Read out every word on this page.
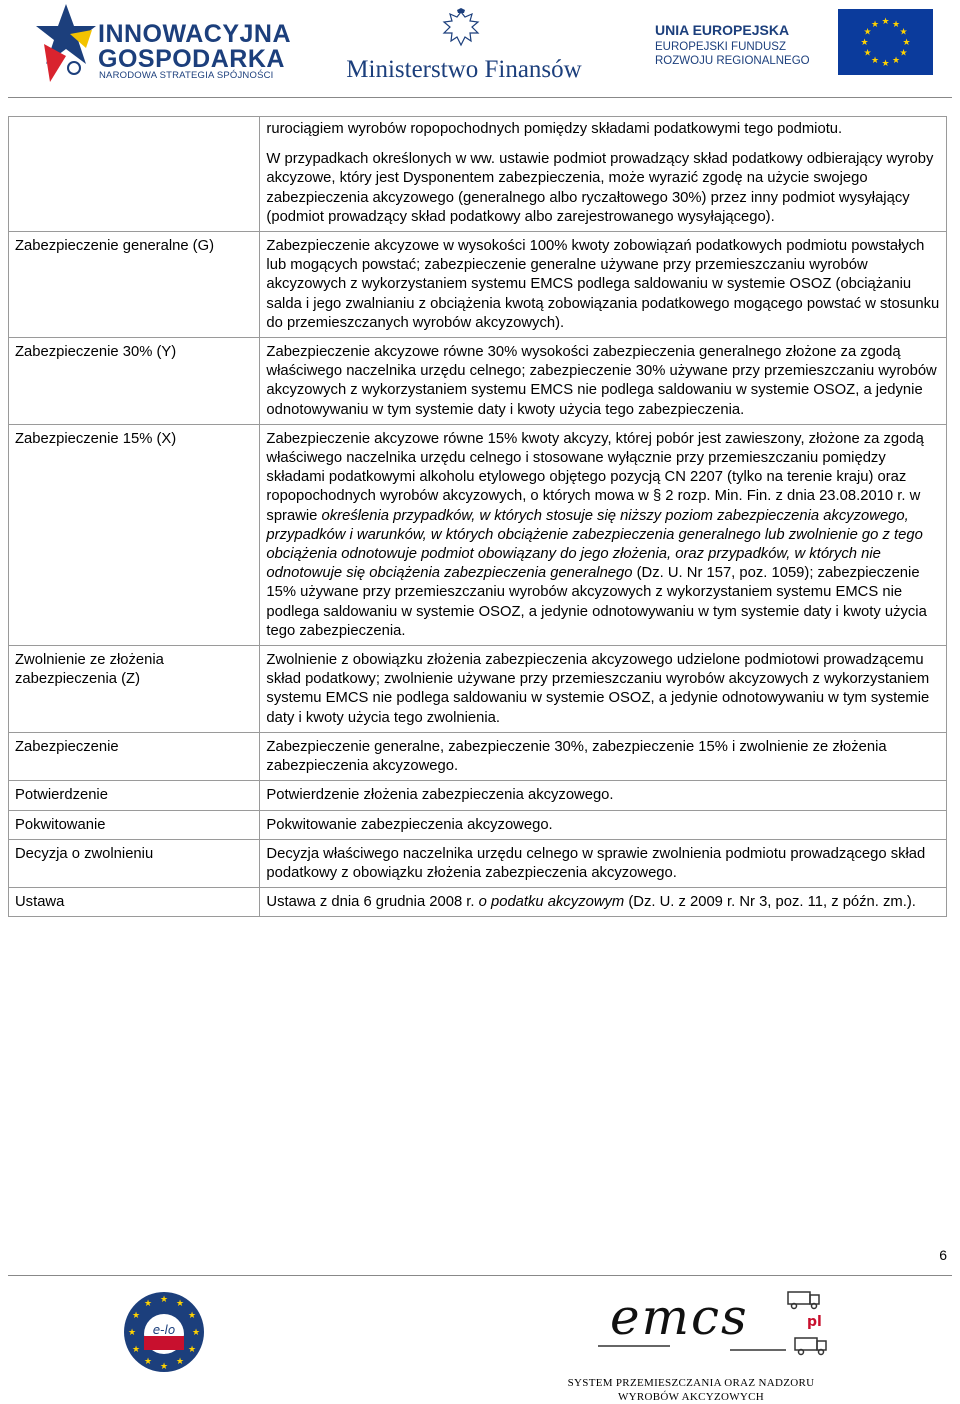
INNOWACYJNA
GOSPODARKA
NARODOWA STRATEGIA SPÓJNOŚCI	Ministerstwo Finansów
UNIA EUROPEJSKA
EUROPEJSKI FUNDUSZ
ROZWOJU REGIONALNEGO
★ ★
★
★
★
★
★
★
★
★
★
★

	rurociągiem wyrobów ropopochodnych pomiędzy składami podatkowymi tego podmiotu.
W przypadkach określonych w ww. ustawie podmiot prowadzący skład podatkowy odbierający wyroby akcyzowe, który jest Dysponentem zabezpieczenia, może wyrazić zgodę na użycie swojego zabezpieczenia akcyzowego (generalnego albo ryczałtowego 30%) przez inny podmiot wysyłający (podmiot prowadzący skład podatkowy albo zarejestrowanego wysyłającego).

Zabezpieczenie generalne (G)	Zabezpieczenie akcyzowe w wysokości 100% kwoty zobowiązań podatkowych podmiotu powstałych lub mogących powstać; zabezpieczenie generalne używane przy przemieszczaniu wyrobów akcyzowych z wykorzystaniem systemu EMCS podlega saldowaniu w systemie OSOZ (obciążaniu salda i jego zwalnianiu z obciążenia kwotą zobowiązania podatkowego mogącego powstać w stosunku do przemieszczanych wyrobów akcyzowych).
Zabezpieczenie 30% (Y)	Zabezpieczenie akcyzowe równe 30% wysokości zabezpieczenia generalnego złożone za zgodą właściwego naczelnika urzędu celnego; zabezpieczenie 30% używane przy przemieszczaniu wyrobów akcyzowych z wykorzystaniem systemu EMCS nie podlega saldowaniu w systemie OSOZ, a jedynie odnotowywaniu w tym systemie daty i kwoty użycia tego zabezpieczenia.
Zabezpieczenie 15% (X)	Zabezpieczenie akcyzowe równe 15% kwoty akcyzy, której pobór jest zawieszony, złożone za zgodą właściwego naczelnika urzędu celnego i stosowane wyłącznie przy przemieszczaniu pomiędzy składami podatkowymi alkoholu etylowego objętego pozycją CN 2207 (tylko na terenie kraju) oraz ropopochodnych wyrobów akcyzowych, o których mowa w § 2 rozp. Min. Fin. z dnia 23.08.2010 r. w sprawie określenia przypadków, w których stosuje się niższy poziom zabezpieczenia akcyzowego, przypadków i warunków, w których obciążenie zabezpieczenia generalnego lub zwolnienie go z tego obciążenia odnotowuje podmiot obowiązany do jego złożenia, oraz przypadków, w których nie odnotowuje się obciążenia zabezpieczenia generalnego (Dz. U. Nr 157, poz. 1059); zabezpieczenie 15% używane przy przemieszczaniu wyrobów akcyzowych z wykorzystaniem systemu EMCS nie podlega saldowaniu w systemie OSOZ, a jedynie odnotowywaniu w tym systemie daty i kwoty użycia tego zabezpieczenia.
Zwolnienie ze złożenia zabezpieczenia (Z)	Zwolnienie z obowiązku złożenia zabezpieczenia akcyzowego udzielone podmiotowi prowadzącemu skład podatkowy; zwolnienie używane przy przemieszczaniu wyrobów akcyzowych z wykorzystaniem systemu EMCS nie podlega saldowaniu w systemie OSOZ, a jedynie odnotowywaniu w tym systemie daty i kwoty użycia tego zwolnienia.
Zabezpieczenie	Zabezpieczenie generalne, zabezpieczenie 30%, zabezpieczenie 15% i zwolnienie ze złożenia zabezpieczenia akcyzowego.
Potwierdzenie	Potwierdzenie złożenia zabezpieczenia akcyzowego.
Pokwitowanie	Pokwitowanie zabezpieczenia akcyzowego.
Decyzja o zwolnieniu	Decyzja właściwego naczelnika urzędu celnego w sprawie zwolnienia podmiotu prowadzącego skład podatkowy z obowiązku złożenia zabezpieczenia akcyzowego.
Ustawa	Ustawa z dnia 6 grudnia 2008 r. o podatku akcyzowym (Dz. U. z 2009 r. Nr 3, poz. 11, z późn. zm.).
6
★ ★
★
★
★
★
★
★
★
★
★
★
e-lo	emcs	pl
SYSTEM PRZEMIESZCZANIA ORAZ NADZORU
WYROBÓW AKCYZOWYCH
